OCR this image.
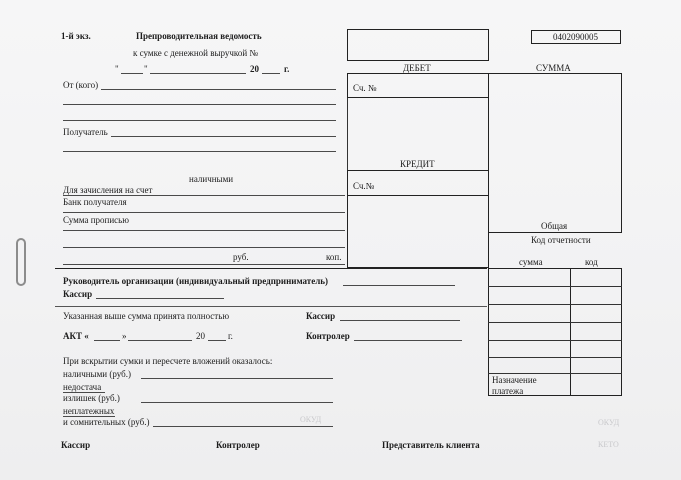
ОКУД	ОКУД
КЕТО
1-й экз.	Препроводительная ведомость
к сумке с денежной выручкой №
"	"	20	г.
0402090005
От (кого)
Получатель
наличными
Для зачисления на счет
Банк получателя
Сумма прописью
руб.	коп.
Руководитель организации (индивидуальный предприниматель)
Кассир
Указанная выше сумма принята полностью	Кассир
АКТ «	»	20	г.	Контролер
При вскрытии сумки и пересчете вложений оказалось:
наличными (руб.)
недостача
излишек (руб.)
неплатежных
и сомнительных (руб.)
Кассир	Контролер	Представитель клиента
ДЕБЕТ	СУММА
Сч. №
КРЕДИТ
Сч.№
Общая
Код отчетности
сумма	код
Назначение платежа
